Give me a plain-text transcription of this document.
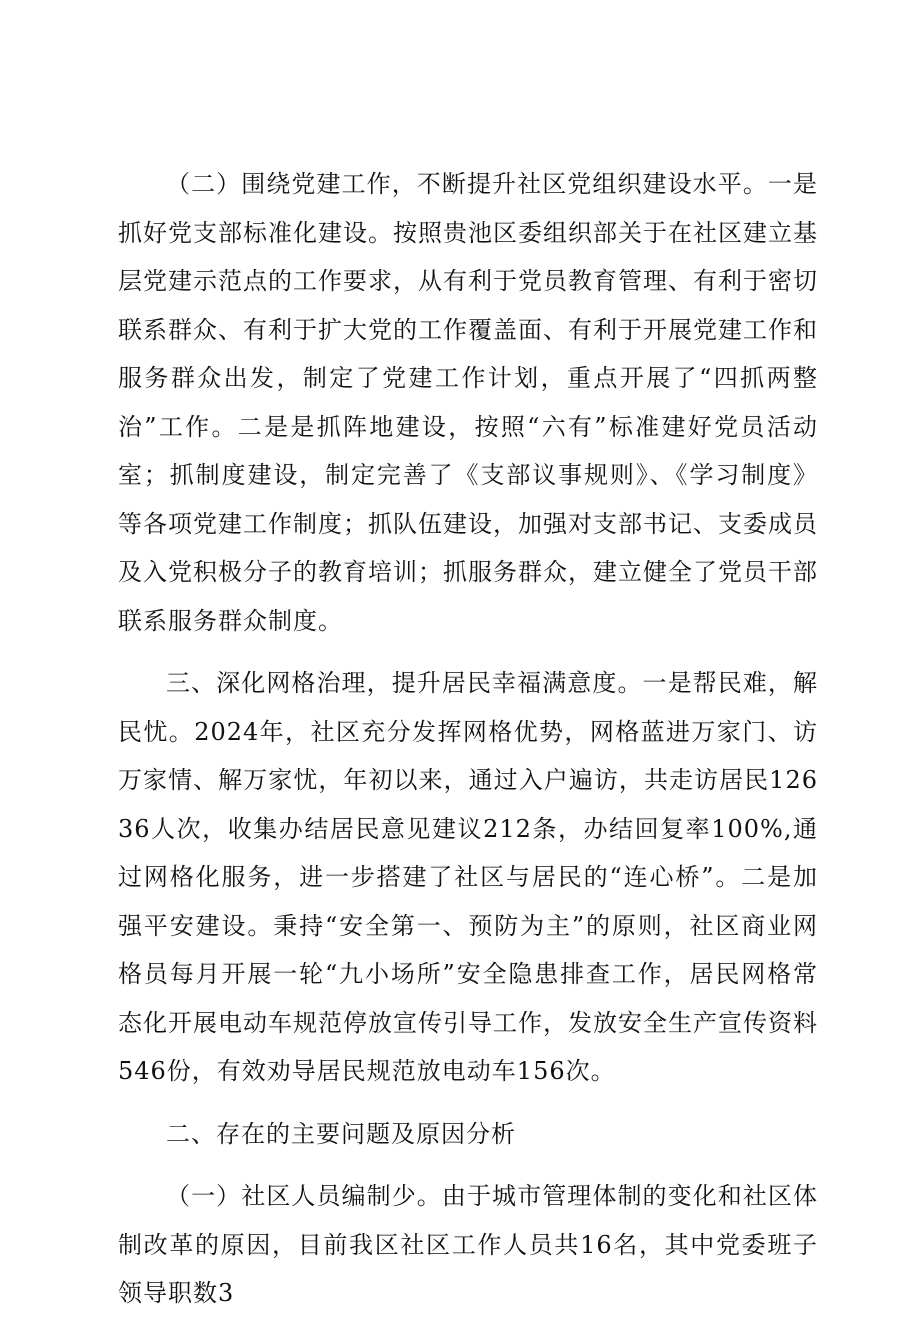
（二）围绕党建工作，不断提升社区党组织建设水平。一是抓好党支部标准化建设。按照贵池区委组织部关于在社区建立基层党建示范点的工作要求，从有利于党员教育管理、有利于密切联系群众、有利于扩大党的工作覆盖面、有利于开展党建工作和服务群众出发，制定了党建工作计划，重点开展了“四抓两整治”工作。二是是抓阵地建设，按照“六有”标准建好党员活动室；抓制度建设，制定完善了《支部议事规则》、《学习制度》等各项党建工作制度；抓队伍建设，加强对支部书记、支委成员及入党积极分子的教育培训；抓服务群众，建立健全了党员干部联系服务群众制度。

三、深化网格治理，提升居民幸福满意度。一是帮民难，解民忧。2024年，社区充分发挥网格优势，网格蓝进万家门、访万家情、解万家忧，年初以来，通过入户遍访，共走访居民12636人次，收集办结居民意见建议212条，办结回复率100%,通过网格化服务，进一步搭建了社区与居民的“连心桥”。二是加强平安建设。秉持“安全第一、预防为主”的原则，社区商业网格员每月开展一轮“九小场所”安全隐患排查工作，居民网格常态化开展电动车规范停放宣传引导工作，发放安全生产宣传资料546份，有效劝导居民规范放电动车156次。

二、存在的主要问题及原因分析

（一）社区人员编制少。由于城市管理体制的变化和社区体制改革的原因，目前我区社区工作人员共16名，其中党委班子领导职数3
